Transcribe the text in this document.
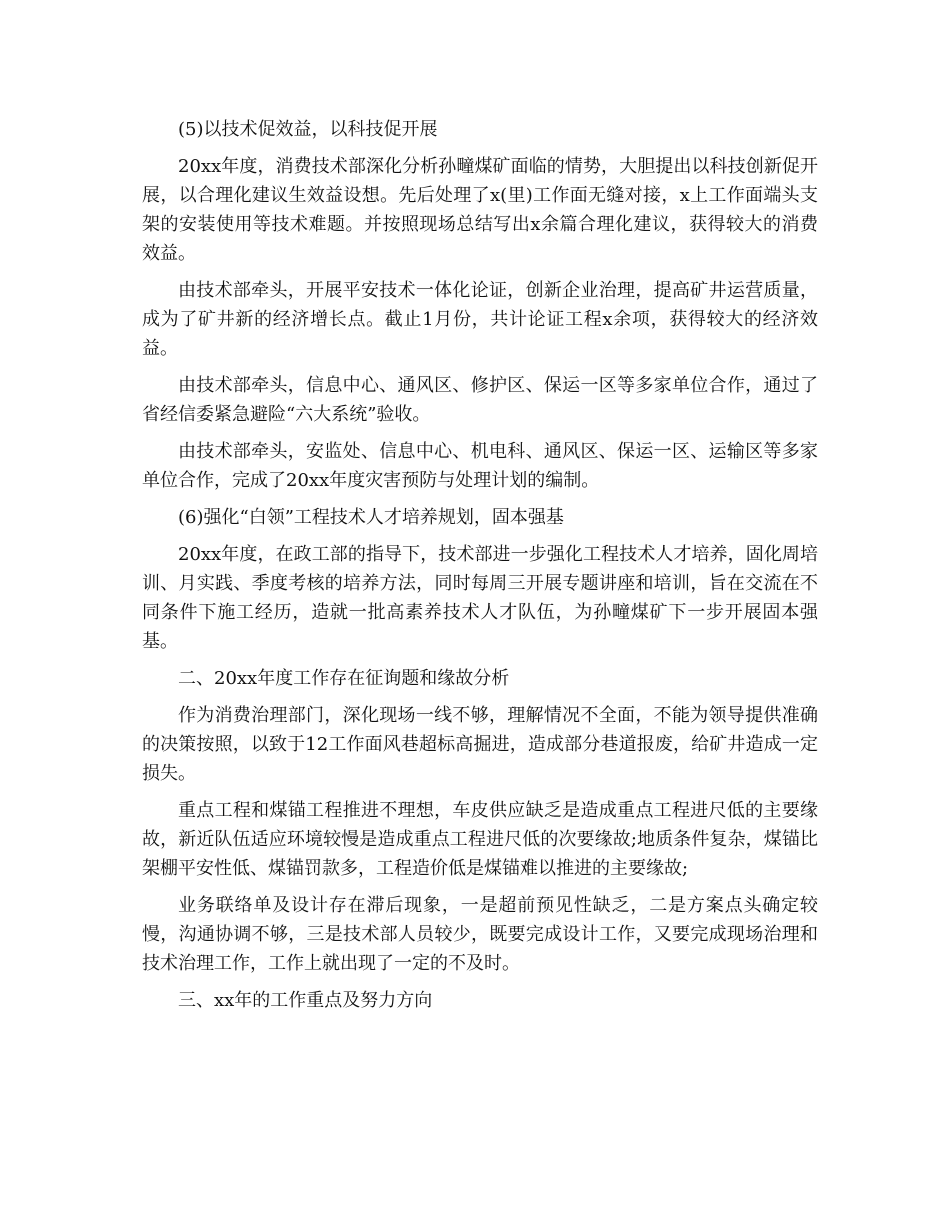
(5)以技术促效益，以科技促开展

20xx年度，消费技术部深化分析孙疃煤矿面临的情势，大胆提出以科技创新促开展，以合理化建议生效益设想。先后处理了x(里)工作面无缝对接，x上工作面端头支架的安装使用等技术难题。并按照现场总结写出x余篇合理化建议，获得较大的消费效益。

由技术部牵头，开展平安技术一体化论证，创新企业治理，提高矿井运营质量，成为了矿井新的经济增长点。截止1月份，共计论证工程x余项，获得较大的经济效益。

由技术部牵头，信息中心、通风区、修护区、保运一区等多家单位合作，通过了省经信委紧急避险“六大系统”验收。

由技术部牵头，安监处、信息中心、机电科、通风区、保运一区、运输区等多家单位合作，完成了20xx年度灾害预防与处理计划的编制。

(6)强化“白领”工程技术人才培养规划，固本强基

20xx年度，在政工部的指导下，技术部进一步强化工程技术人才培养，固化周培训、月实践、季度考核的培养方法，同时每周三开展专题讲座和培训，旨在交流在不同条件下施工经历，造就一批高素养技术人才队伍，为孙疃煤矿下一步开展固本强基。

二、20xx年度工作存在征询题和缘故分析

作为消费治理部门，深化现场一线不够，理解情况不全面，不能为领导提供准确的决策按照，以致于12工作面风巷超标高掘进，造成部分巷道报废，给矿井造成一定损失。

重点工程和煤锚工程推进不理想，车皮供应缺乏是造成重点工程进尺低的主要缘故，新近队伍适应环境较慢是造成重点工程进尺低的次要缘故;地质条件复杂，煤锚比架棚平安性低、煤锚罚款多，工程造价低是煤锚难以推进的主要缘故;

业务联络单及设计存在滞后现象，一是超前预见性缺乏，二是方案点头确定较慢，沟通协调不够，三是技术部人员较少，既要完成设计工作，又要完成现场治理和技术治理工作，工作上就出现了一定的不及时。

三、xx年的工作重点及努力方向
